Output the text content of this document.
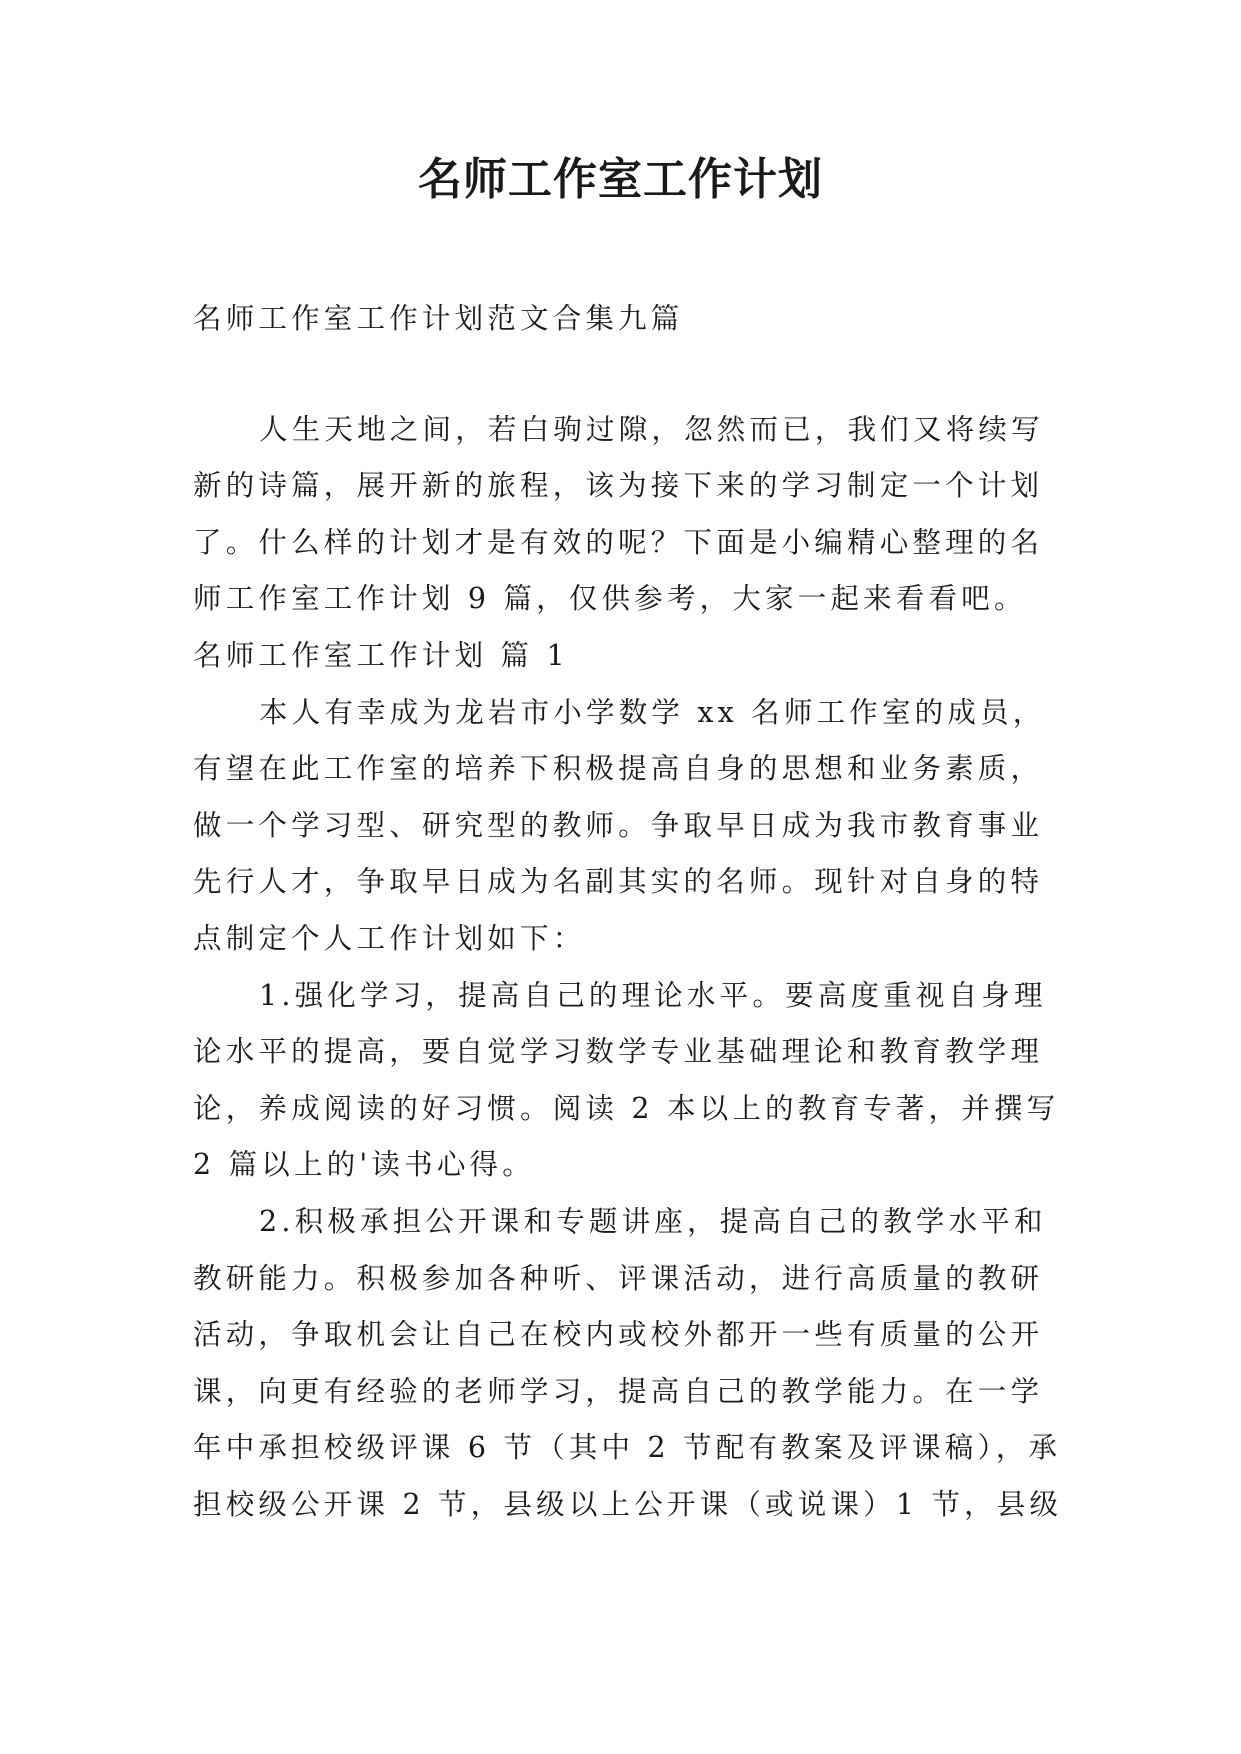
名师工作室工作计划
名师工作室工作计划范文合集九篇
人生天地之间，若白驹过隙，忽然而已，我们又将续写
新的诗篇，展开新的旅程，该为接下来的学习制定一个计划
了。什么样的计划才是有效的呢？下面是小编精心整理的名
师工作室工作计划 9 篇，仅供参考，大家一起来看看吧。
名师工作室工作计划 篇 1
本人有幸成为龙岩市小学数学 xx 名师工作室的成员，
有望在此工作室的培养下积极提高自身的思想和业务素质，
做一个学习型、研究型的教师。争取早日成为我市教育事业
先行人才，争取早日成为名副其实的名师。现针对自身的特
点制定个人工作计划如下：
1.强化学习，提高自己的理论水平。要高度重视自身理
论水平的提高，要自觉学习数学专业基础理论和教育教学理
论，养成阅读的好习惯。阅读 2 本以上的教育专著，并撰写
2 篇以上的'读书心得。
2.积极承担公开课和专题讲座，提高自己的教学水平和
教研能力。积极参加各种听、评课活动，进行高质量的教研
活动，争取机会让自己在校内或校外都开一些有质量的公开
课，向更有经验的老师学习，提高自己的教学能力。在一学
年中承担校级评课 6 节（其中 2 节配有教案及评课稿），承
担校级公开课 2 节，县级以上公开课（或说课）1 节，县级
